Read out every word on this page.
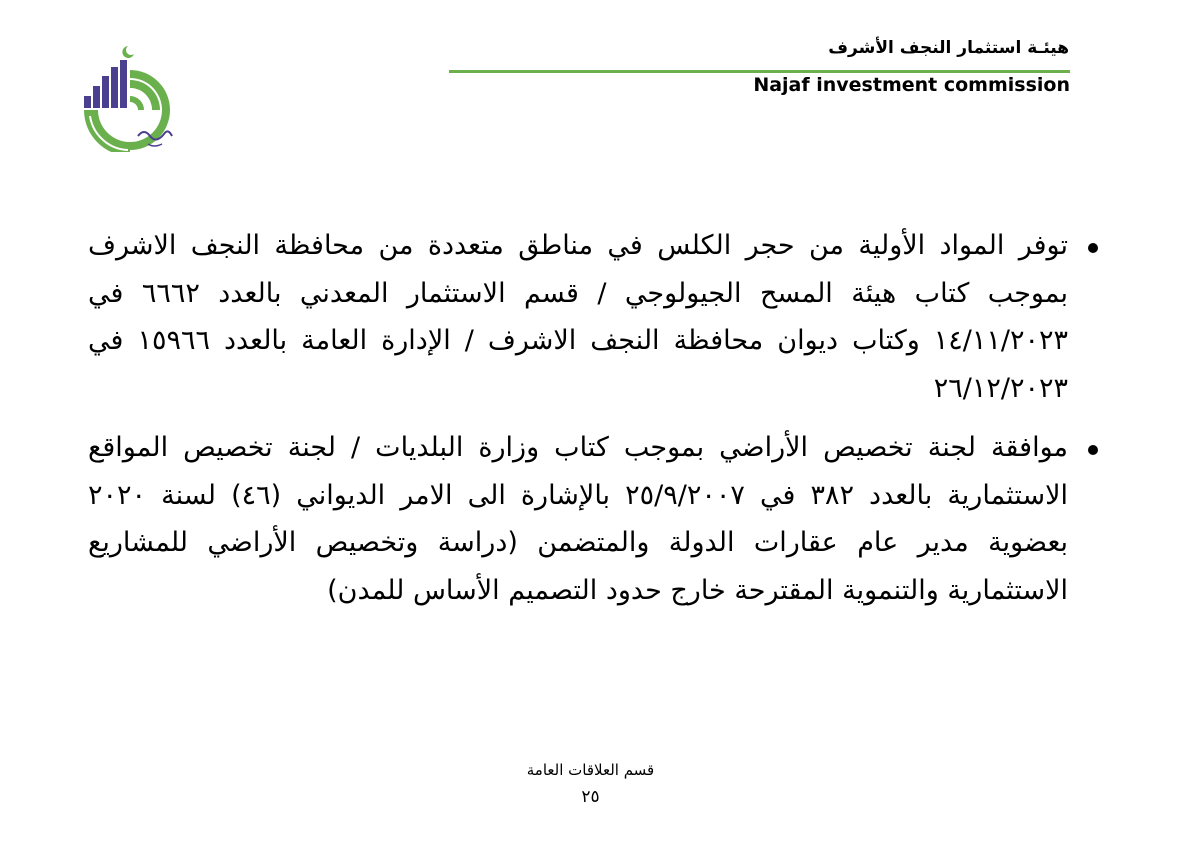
هيئـة استثمار النجف الأشرف
Najaf investment commission
توفر المواد الأولية من حجر الكلس في مناطق متعددة من محافظة النجف الاشرف بموجب كتاب هيئة المسح الجيولوجي / قسم الاستثمار المعدني بالعدد ٦٦٦٢ في ١٤/١١/٢٠٢٣ وكتاب ديوان محافظة النجف الاشرف / الإدارة العامة بالعدد ١٥٩٦٦ في ٢٦/١٢/٢٠٢٣
موافقة لجنة تخصيص الأراضي بموجب كتاب وزارة البلديات / لجنة تخصيص المواقع الاستثمارية بالعدد ٣٨٢ في ٢٥/٩/٢٠٠٧ بالإشارة الى الامر الديواني (٤٦) لسنة ٢٠٢٠ بعضوية مدير عام عقارات الدولة والمتضمن (دراسة وتخصيص الأراضي للمشاريع الاستثمارية والتنموية المقترحة خارج حدود التصميم الأساس للمدن)
قسم العلاقات العامة
٢٥
